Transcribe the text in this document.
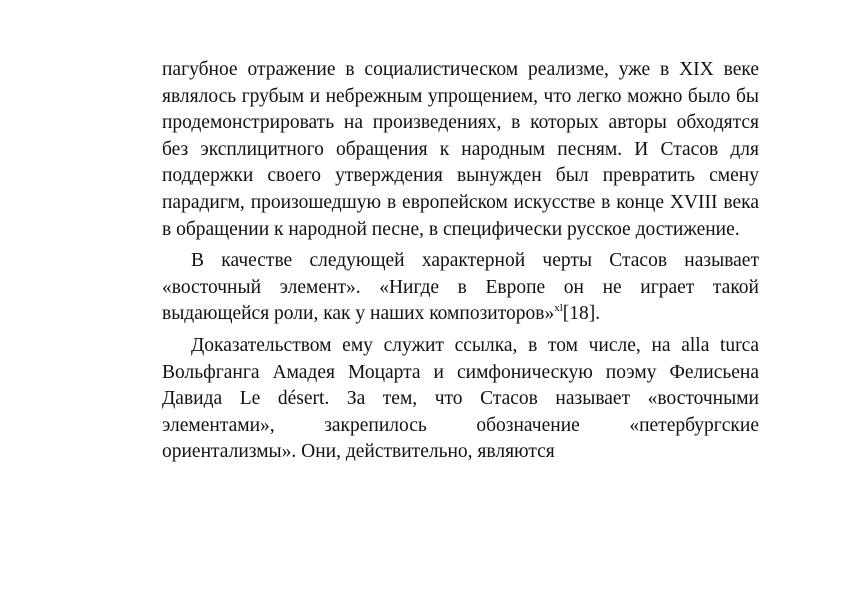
пагубное отражение в социалистическом реализме, уже в XIX веке являлось грубым и небрежным упрощением, что легко можно было бы продемонстрировать на произведениях, в которых авторы обходятся без эксплицитного обращения к народным песням. И Стасов для поддержки своего утверждения вынужден был превратить смену парадигм, произошедшую в европейском искусстве в конце XVIII века в обращении к народной песне, в специфически русское достижение.

В качестве следующей характерной черты Стасов называет «восточный элемент». «Нигде в Европе он не играет такой выдающейся роли, как у наших композиторов»$^{xl}$[18].

Доказательством ему служит ссылка, в том числе, на alla turca Вольфганга Амадея Моцарта и симфоническую поэму Фелисьена Давида Le désert. За тем, что Стасов называет «восточными элементами», закрепилось обозначение «петербургские ориентализмы». Они, действительно, являются
